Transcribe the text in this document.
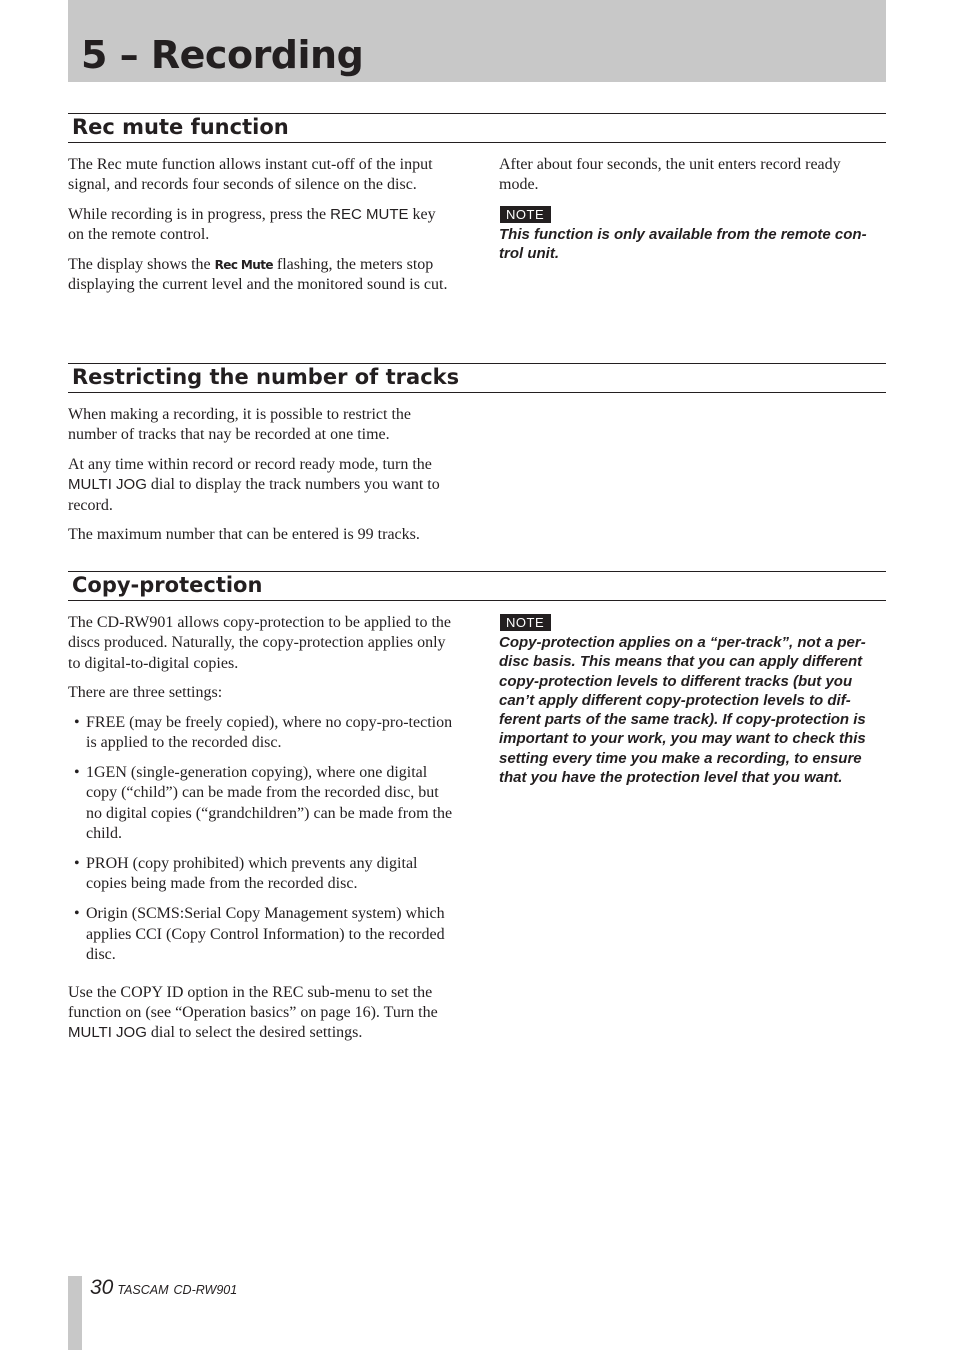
5 – Recording
Rec mute function

The Rec mute function allows instant cut-off of the input signal, and records four seconds of silence on the disc.

While recording is in progress, press the REC MUTE key on the remote control.

The display shows the Rec Mute flashing, the meters stop displaying the current level and the monitored sound is cut.

After about four seconds, the unit enters record ready mode.

NOTE

This function is only available from the remote con-trol unit.

Restricting the number of tracks

When making a recording, it is possible to restrict the number of tracks that nay be recorded at one time.

At any time within record or record ready mode, turn the MULTI JOG dial to display the track numbers you want to record.

The maximum number that can be entered is 99 tracks.

Copy-protection

The CD-RW901 allows copy-protection to be applied to the discs produced. Naturally, the copy-protection applies only to digital-to-digital copies.

There are three settings:

• FREE (may be freely copied), where no copy-pro-tection is applied to the recorded disc.
• 1GEN (single-generation copying), where one digital copy (“child”) can be made from the recorded disc, but no digital copies (“grandchildren”) can be made from the child.
• PROH (copy prohibited) which prevents any digital copies being made from the recorded disc.
• Origin (SCMS:Serial Copy Management system) which applies CCI (Copy Control Information) to the recorded disc.

Use the COPY ID option in the REC sub-menu to set the function on (see “Operation basics” on page 16). Turn the MULTI JOG dial to select the desired settings.

NOTE

Copy-protection applies on a “per-track”, not a per-disc basis. This means that you can apply different copy-protection levels to different tracks (but you can’t apply different copy-protection levels to dif-ferent parts of the same track). If copy-protection is important to your work, you may want to check this setting every time you make a recording, to ensure that you have the protection level that you want.

30 TASCAM CD-RW901
